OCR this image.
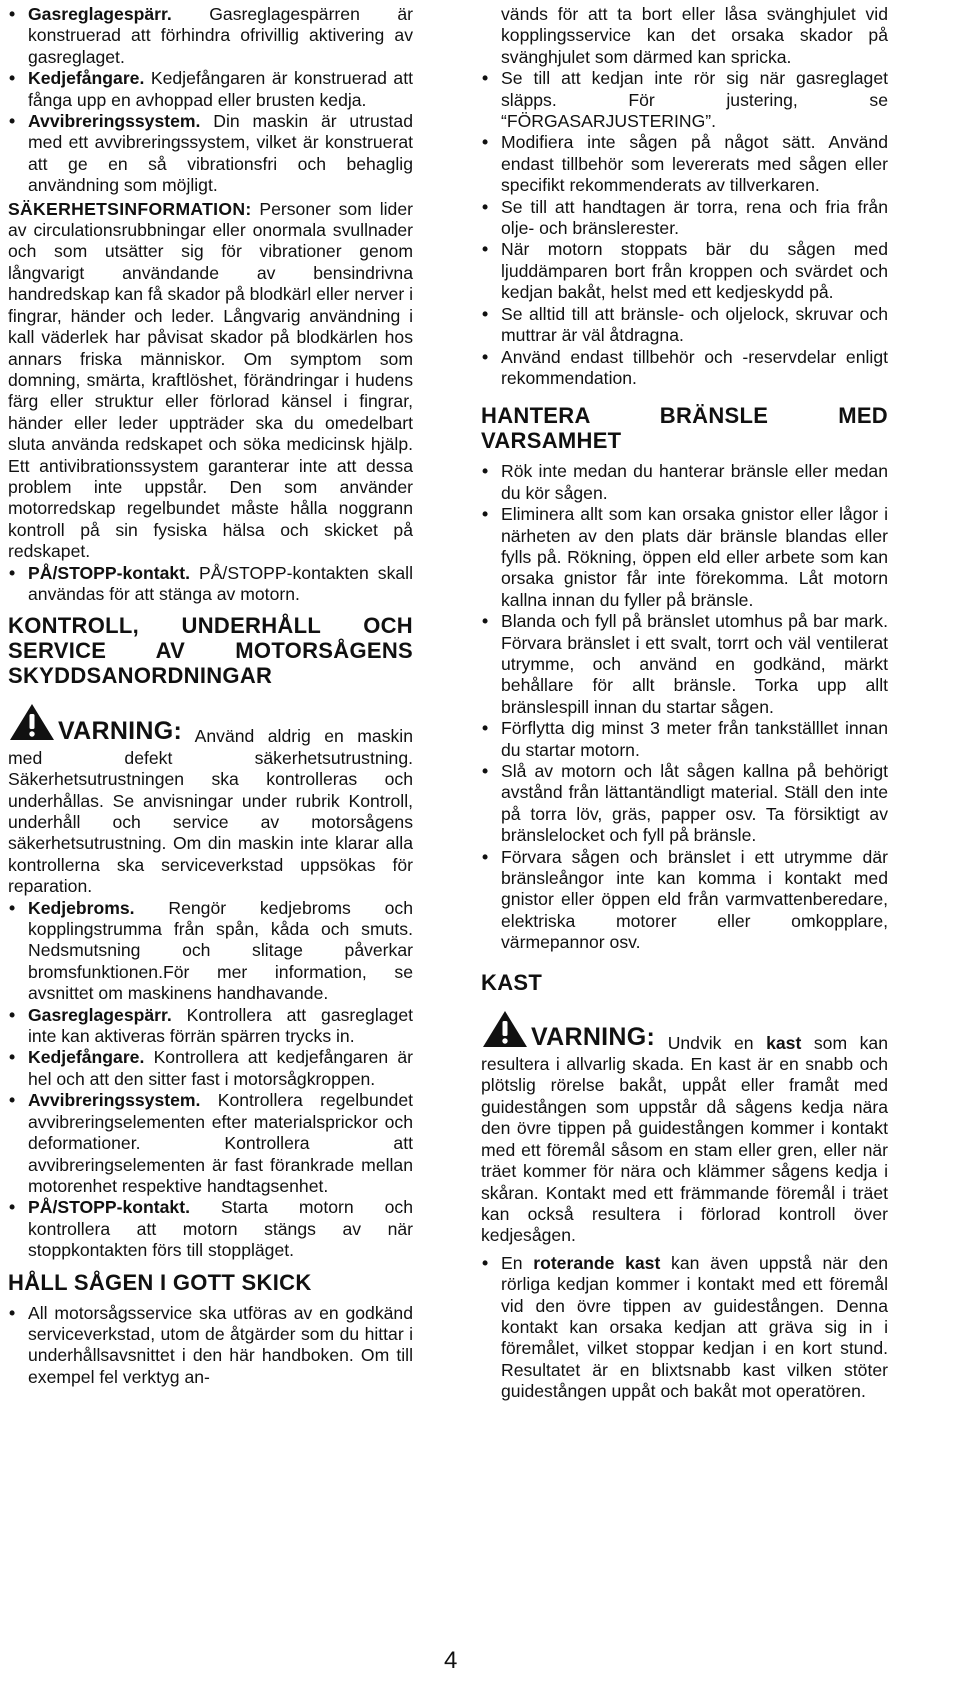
• Gasreglagespärr. Gasreglagespärren är konstruerad att förhindra ofrivillig aktivering av gasreglaget.
• Kedjefångare. Kedjefångaren är konstruerad att fånga upp en avhoppad eller brusten kedja.
• Avvibreringssystem. Din maskin är utrustad med ett avvibreringssystem, vilket är konstruerat att ge en så vibrationsfri och behaglig användning som möjligt.

SÄKERHETSINFORMATION: Personer som lider av circulationsrubbningar eller onormala svullnader och som utsätter sig för vibrationer genom långvarigt användande av bensindrivna handredskap kan få skador på blodkärl eller nerver i fingrar, händer och leder. Långvarig användning i kall väderlek har påvisat skador på blodkärlen hos annars friska människor. Om symptom som domning, smärta, kraftlöshet, förändringar i hudens färg eller struktur eller förlorad känsel i fingrar, händer eller leder uppträder ska du omedelbart sluta använda redskapet och söka medicinsk hjälp. Ett antivibrationssystem garanterar inte att dessa problem inte uppstår. Den som använder motorredskap regelbundet måste hålla noggrann kontroll på sin fysiska hälsa och skicket på redskapet.

• PÅ/STOPP-kontakt. PÅ/STOPP-kontakten skall användas för att stänga av motorn.
KONTROLL, UNDERHÅLL OCH SERVICE AV MOTORSÅGENS SKYDDSANORDNINGAR

VARNING: Använd aldrig en maskin med defekt säkerhetsutrustning. Säkerhetsutrustningen ska kontrolleras och underhållas. Se anvisningar under rubrik Kontroll, underhåll och service av motorsågens säkerhetsutrustning. Om din maskin inte klarar alla kontrollerna ska serviceverkstad uppsökas för reparation.

• Kedjebroms. Rengör kedjebroms och kopplingstrumma från spån, kåda och smuts. Nedsmutsning och slitage påverkar bromsfunktionen.För mer information, se avsnittet om maskinens handhavande.
• Gasreglagespärr. Kontrollera att gasreglaget inte kan aktiveras förrän spärren trycks in.
• Kedjefångare. Kontrollera att kedjefångaren är hel och att den sitter fast i motorsågkroppen.
• Avvibreringssystem. Kontrollera regelbundet avvibreringselementen efter materialsprickor och deformationer. Kontrollera att avvibreringselementen är fast förankrade mellan motorenhet respektive handtagsenhet.
• PÅ/STOPP-kontakt. Starta motorn och kontrollera att motorn stängs av när stoppkontakten förs till stoppläget.
HÅLL SÅGEN I GOTT SKICK
• All motorsågsservice ska utföras av en godkänd serviceverkstad, utom de åtgärder som du hittar i underhållsavsnittet i den här handboken. Om till exempel fel verktyg an-

vänds för att ta bort eller låsa svänghjulet vid kopplingsservice kan det orsaka skador på svänghjulet som därmed kan spricka.

• Se till att kedjan inte rör sig när gasreglaget släpps. För justering, se “FÖRGASARJUSTERING”.
• Modifiera inte sågen på något sätt. Använd endast tillbehör som levererats med sågen eller specifikt rekommenderats av tillverkaren.
• Se till att handtagen är torra, rena och fria från olje- och bränslerester.
• När motorn stoppats bär du sågen med ljuddämparen bort från kroppen och svärdet och kedjan bakåt, helst med ett kedjeskydd på.
• Se alltid till att bränsle- och oljelock, skruvar och muttrar är väl åtdragna.
• Använd endast tillbehör och -reservdelar enligt rekommendation.
HANTERA BRÄNSLE MED VARSAMHET
• Rök inte medan du hanterar bränsle eller medan du kör sågen.
• Eliminera allt som kan orsaka gnistor eller lågor i närheten av den plats där bränsle blandas eller fylls på. Rökning, öppen eld eller arbete som kan orsaka gnistor får inte förekomma. Låt motorn kallna innan du fyller på bränsle.
• Blanda och fyll på bränslet utomhus på bar mark. Förvara bränslet i ett svalt, torrt och väl ventilerat utrymme, och använd en godkänd, märkt behållare för allt bränsle. Torka upp allt bränslespill innan du startar sågen.
• Förflytta dig minst 3 meter från tankställlet innan du startar motorn.
• Slå av motorn och låt sågen kallna på behörigt avstånd från lättantändligt material. Ställ den inte på torra löv, gräs, papper osv. Ta försiktigt av bränslelocket och fyll på bränsle.
• Förvara sågen och bränslet i ett utrymme där bränsleångor inte kan komma i kontakt med gnistor eller öppen eld från varmvattenberedare, elektriska motorer eller omkopplare, värmepannor osv.
KAST

VARNING: Undvik en kast som kan resultera i allvarlig skada. En kast är en snabb och plötslig rörelse bakåt, uppåt eller framåt med guidestången som uppstår då sågens kedja nära den övre tippen på guidestången kommer i kontakt med ett föremål såsom en stam eller gren, eller när träet kommer för nära och klämmer sågens kedja i skåran. Kontakt med ett främmande föremål i träet kan också resultera i förlorad kontroll över kedjesågen.

• En roterande kast kan även uppstå när den rörliga kedjan kommer i kontakt med ett föremål vid den övre tippen av guidestången. Denna kontakt kan orsaka kedjan att gräva sig in i föremålet, vilket stoppar kedjan i en kort stund. Resultatet är en blixtsnabb kast vilken stöter guidestången uppåt och bakåt mot operatören.
4
